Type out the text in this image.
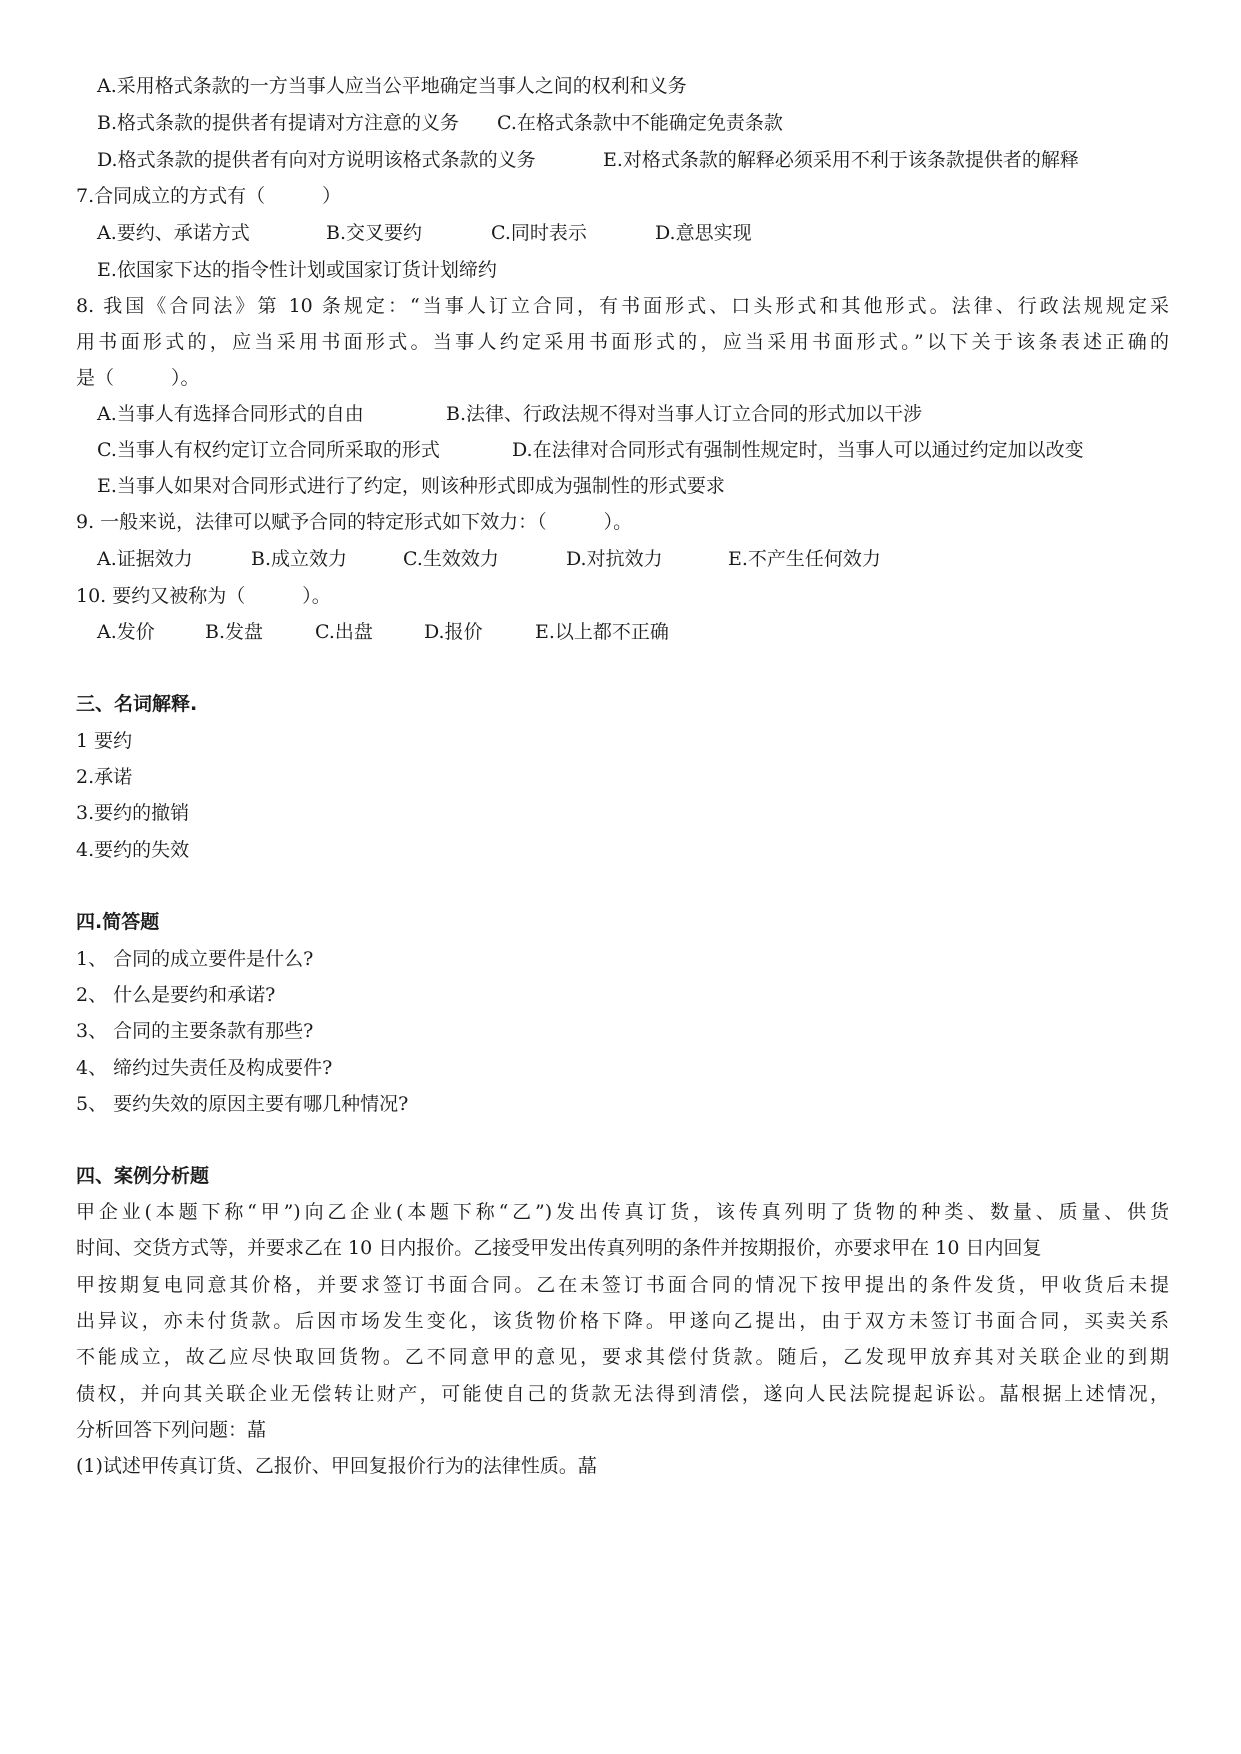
A.采用格式条款的一方当事人应当公平地确定当事人之间的权利和义务
B.格式条款的提供者有提请对方注意的义务 C.在格式条款中不能确定免责条款
D.格式条款的提供者有向对方说明该格式条款的义务	E.对格式条款的解释必须采用不利于该条款提供者的解释
7.合同成立的方式有（　　　）
A.要约、承诺方式	B.交叉要约	C.同时表示	D.意思实现
E.依国家下达的指令性计划或国家订货计划缔约
8. 我国《合同法》第 10 条规定：“当事人订立合同，有书面形式、口头形式和其他形式。法律、行政法规规定采
用书面形式的，应当采用书面形式。当事人约定采用书面形式的，应当采用书面形式。”以下关于该条表述正确的
是（　　　）。
A.当事人有选择合同形式的自由	B.法律、行政法规不得对当事人订立合同的形式加以干涉
C.当事人有权约定订立合同所采取的形式	D.在法律对合同形式有强制性规定时，当事人可以通过约定加以改变
E.当事人如果对合同形式进行了约定，则该种形式即成为强制性的形式要求
9. 一般来说，法律可以赋予合同的特定形式如下效力：（　　　）。
A.证据效力	B.成立效力	C.生效效力	D.对抗效力	E.不产生任何效力
10. 要约又被称为（　　　）。
A.发价	B.发盘	C.出盘	D.报价	E.以上都不正确
三、名词解释.
1 要约
2.承诺
3.要约的撤销
4.要约的失效
四.简答题
1、 合同的成立要件是什么?
2、 什么是要约和承诺?
3、 合同的主要条款有那些?
4、 缔约过失责任及构成要件?
5、 要约失效的原因主要有哪几种情况?
四、案例分析题
甲企业(本题下称“甲”)向乙企业(本题下称“乙”)发出传真订货，该传真列明了货物的种类、数量、质量、供货
时间、交货方式等，并要求乙在 10 日内报价。乙接受甲发出传真列明的条件并按期报价，亦要求甲在 10 日内回复
甲按期复电同意其价格，并要求签订书面合同。乙在未签订书面合同的情况下按甲提出的条件发货，甲收货后未提
出异议，亦未付货款。后因市场发生变化，该货物价格下降。甲遂向乙提出，由于双方未签订书面合同，买卖关系
不能成立，故乙应尽快取回货物。乙不同意甲的意见，要求其偿付货款。随后，乙发现甲放弃其对关联企业的到期
债权，并向其关联企业无偿转让财产，可能使自己的货款无法得到清偿，遂向人民法院提起诉讼。蕌根据上述情况，
分析回答下列问题：蕌
(1)试述甲传真订货、乙报价、甲回复报价行为的法律性质。蕌
